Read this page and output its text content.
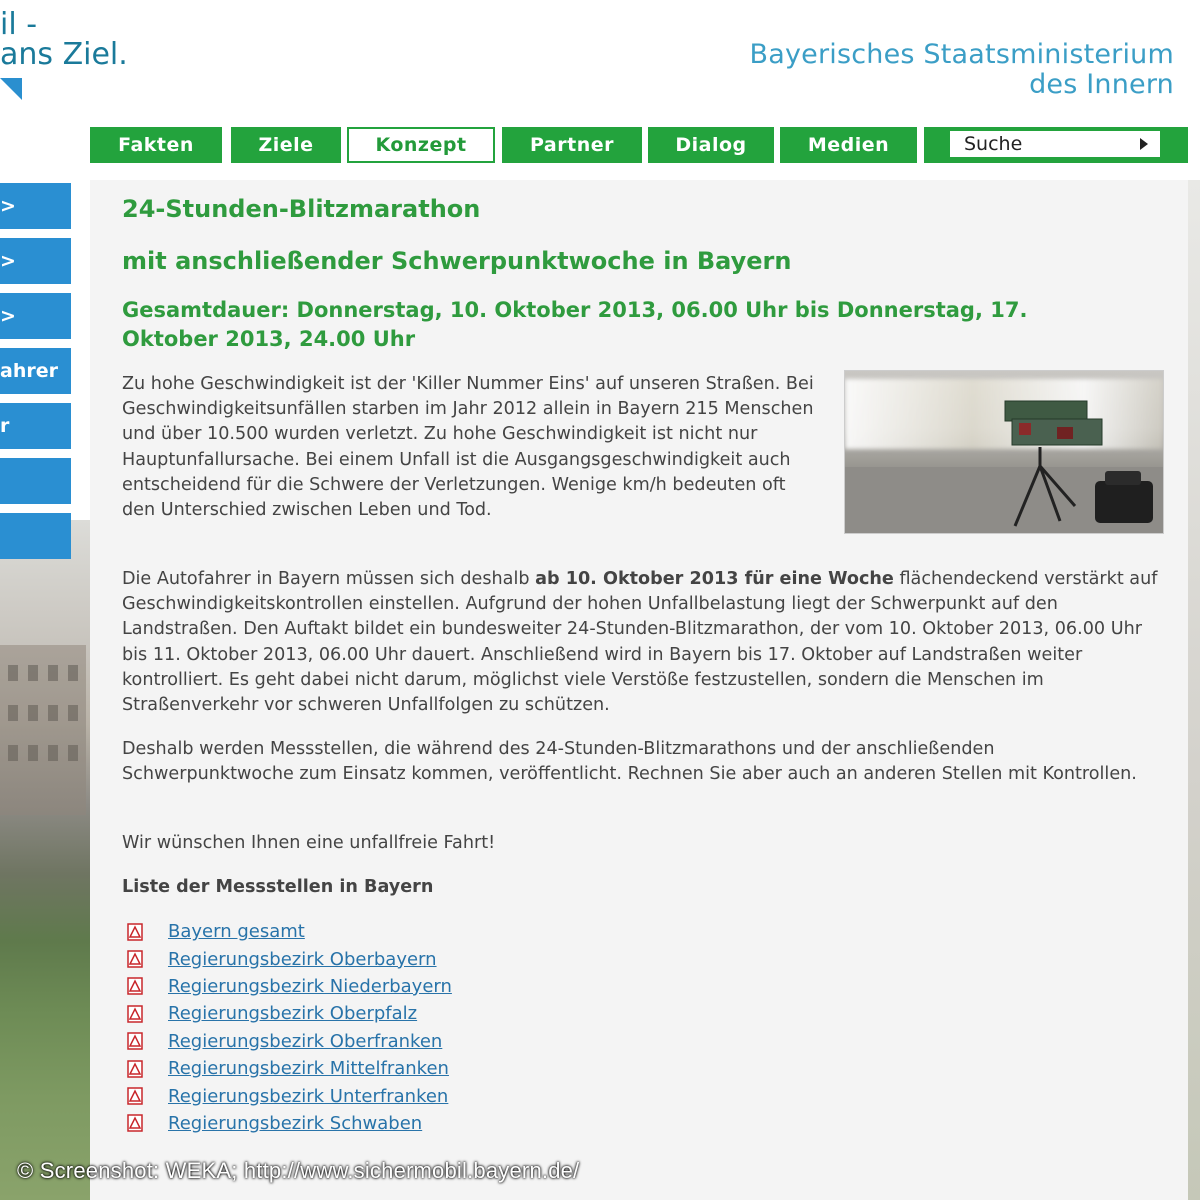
il -
ans Ziel.	Bayerisches Staatsministerium
des Innern
Fakten	Ziele	Konzept	Partner	Dialog	Medien	Suche
>
>
>
ahrer
r
24-Stunden-Blitzmarathon
mit anschließender Schwerpunktwoche in Bayern
Gesamtdauer: Donnerstag, 10. Oktober 2013, 06.00 Uhr bis Donnerstag, 17. Oktober 2013, 24.00 Uhr
Zu hohe Geschwindigkeit ist der 'Killer Nummer Eins' auf unseren Straßen. Bei Geschwindigkeitsunfällen starben im Jahr 2012 allein in Bayern 215 Menschen und über 10.500 wurden verletzt. Zu hohe Geschwindigkeit ist nicht nur Hauptunfallursache. Bei einem Unfall ist die Ausgangsgeschwindigkeit auch entscheidend für die Schwere der Verletzungen. Wenige km/h bedeuten oft den Unterschied zwischen Leben und Tod.
Die Autofahrer in Bayern müssen sich deshalb ab 10. Oktober 2013 für eine Woche flächendeckend verstärkt auf Geschwindigkeitskontrollen einstellen. Aufgrund der hohen Unfallbelastung liegt der Schwerpunkt auf den Landstraßen. Den Auftakt bildet ein bundesweiter 24-Stunden-Blitzmarathon, der vom 10. Oktober 2013, 06.00 Uhr bis 11. Oktober 2013, 06.00 Uhr dauert. Anschließend wird in Bayern bis 17. Oktober auf Landstraßen weiter kontrolliert. Es geht dabei nicht darum, möglichst viele Verstöße festzustellen, sondern die Menschen im Straßenverkehr vor schweren Unfallfolgen zu schützen.
Deshalb werden Messstellen, die während des 24-Stunden-Blitzmarathons und der anschließenden Schwerpunktwoche zum Einsatz kommen, veröffentlicht. Rechnen Sie aber auch an anderen Stellen mit Kontrollen.
Wir wünschen Ihnen eine unfallfreie Fahrt!
Liste der Messstellen in Bayern
Bayern gesamt
Regierungsbezirk Oberbayern
Regierungsbezirk Niederbayern
Regierungsbezirk Oberpfalz
Regierungsbezirk Oberfranken
Regierungsbezirk Mittelfranken
Regierungsbezirk Unterfranken
Regierungsbezirk Schwaben
© Screenshot: WEKA; http://www.sichermobil.bayern.de/
